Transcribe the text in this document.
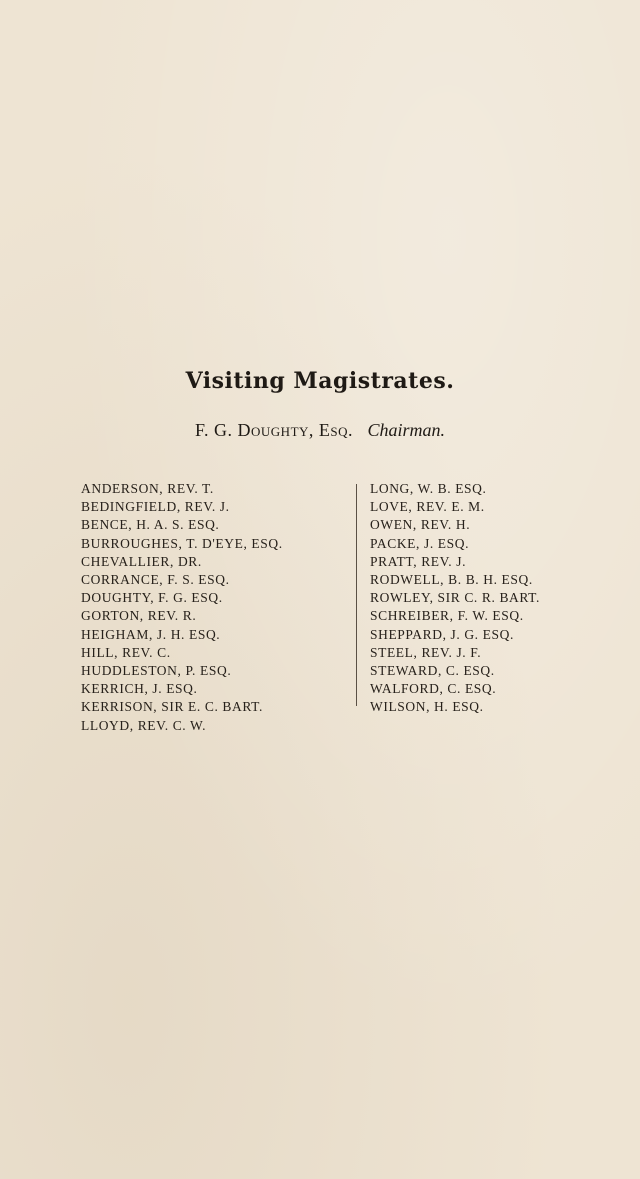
Visiting Magistrates.
F. G. Doughty, Esq. Chairman.
ANDERSON, REV. T.
BEDINGFIELD, REV. J.
BENCE, H. A. S. ESQ.
BURROUGHES, T. D'EYE, ESQ.
CHEVALLIER, DR.
CORRANCE, F. S. ESQ.
DOUGHTY, F. G. ESQ.
GORTON, REV. R.
HEIGHAM, J. H. ESQ.
HILL, REV. C.
HUDDLESTON, P. ESQ.
KERRICH, J. ESQ.
KERRISON, SIR E. C. BART.
LLOYD, REV. C. W.
LONG, W. B. ESQ.
LOVE, REV. E. M.
OWEN, REV. H.
PACKE, J. ESQ.
PRATT, REV. J.
RODWELL, B. B. H. ESQ.
ROWLEY, SIR C. R. BART.
SCHREIBER, F. W. ESQ.
SHEPPARD, J. G. ESQ.
STEEL, REV. J. F.
STEWARD, C. ESQ.
WALFORD, C. ESQ.
WILSON, H. ESQ.
